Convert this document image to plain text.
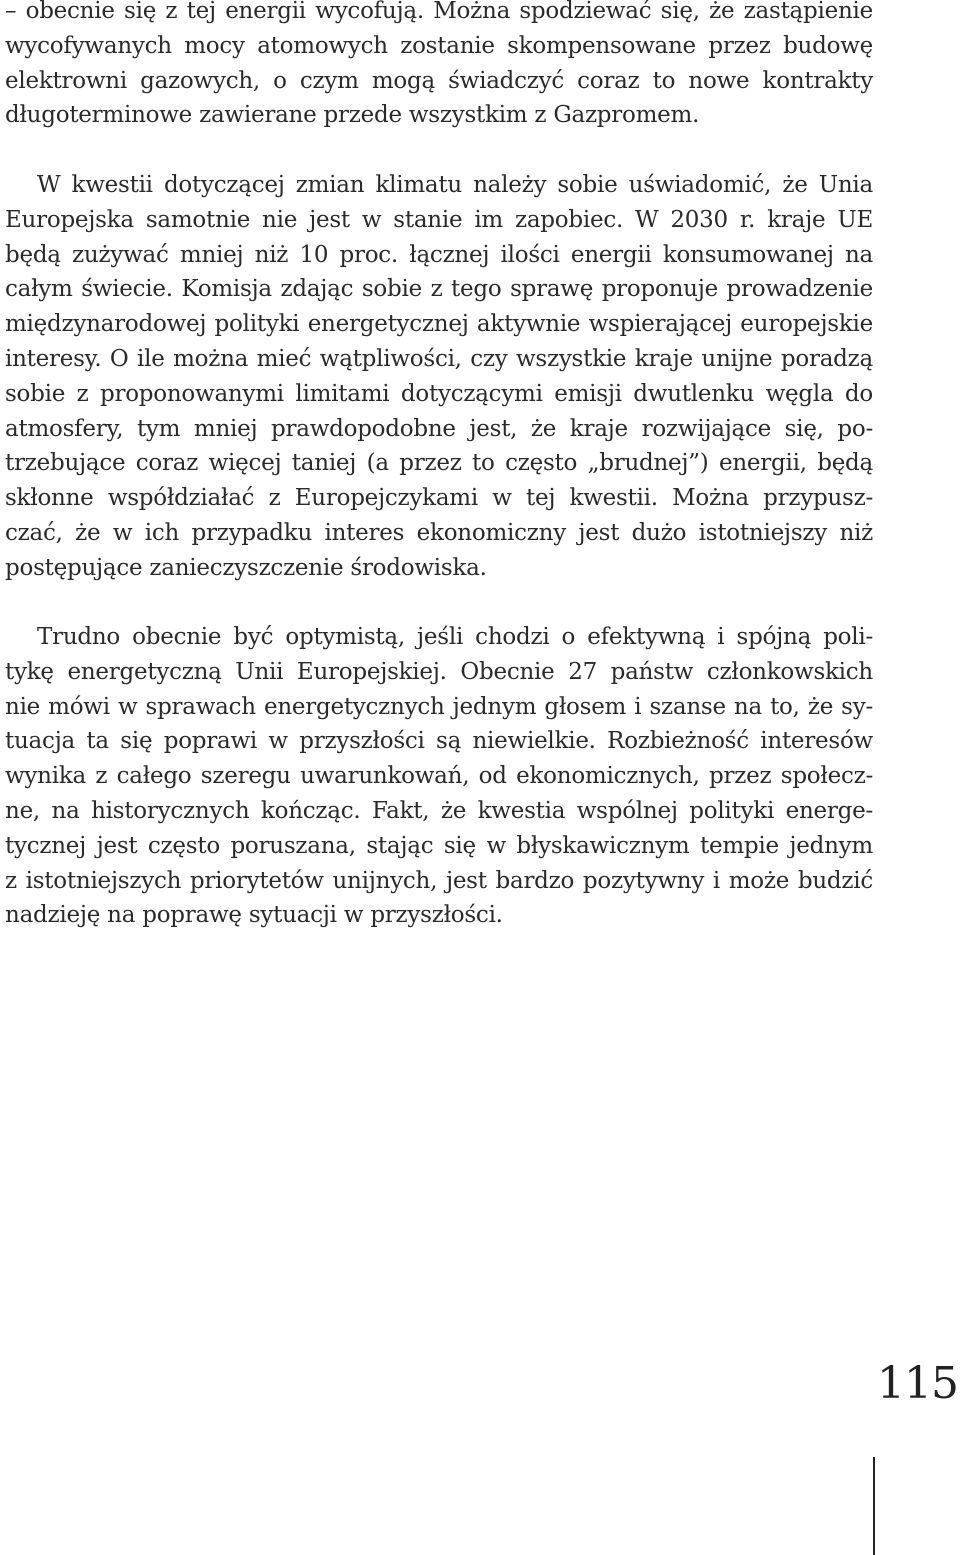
– obecnie się z tej energii wycofują. Można spodziewać się, że zastąpienie
wycofywanych mocy atomowych zostanie skompensowane przez budowę
elektrowni gazowych, o czym mogą świadczyć coraz to nowe kontrakty
długoterminowe zawierane przede wszystkim z Gazpromem.

W kwestii dotyczącej zmian klimatu należy sobie uświadomić, że Unia
Europejska samotnie nie jest w stanie im zapobiec. W 2030 r. kraje UE
będą zużywać mniej niż 10 proc. łącznej ilości energii konsumowanej na
całym świecie. Komisja zdając sobie z tego sprawę proponuje prowadzenie
międzynarodowej polityki energetycznej aktywnie wspierającej europejskie
interesy. O ile można mieć wątpliwości, czy wszystkie kraje unijne poradzą
sobie z proponowanymi limitami dotyczącymi emisji dwutlenku węgla do
atmosfery, tym mniej prawdopodobne jest, że kraje rozwijające się, po-
trzebujące coraz więcej taniej (a przez to często „brudnej”) energii, będą
skłonne współdziałać z Europejczykami w tej kwestii. Można przypusz-
czać, że w ich przypadku interes ekonomiczny jest dużo istotniejszy niż
postępujące zanieczyszczenie środowiska.

Trudno obecnie być optymistą, jeśli chodzi o efektywną i spójną poli-
tykę energetyczną Unii Europejskiej. Obecnie 27 państw członkowskich
nie mówi w sprawach energetycznych jednym głosem i szanse na to, że sy-
tuacja ta się poprawi w przyszłości są niewielkie. Rozbieżność interesów
wynika z całego szeregu uwarunkowań, od ekonomicznych, przez społecz-
ne, na historycznych kończąc. Fakt, że kwestia wspólnej polityki energe-
tycznej jest często poruszana, stając się w błyskawicznym tempie jednym
z istotniejszych priorytetów unijnych, jest bardzo pozytywny i może budzić
nadzieję na poprawę sytuacji w przyszłości.

115
